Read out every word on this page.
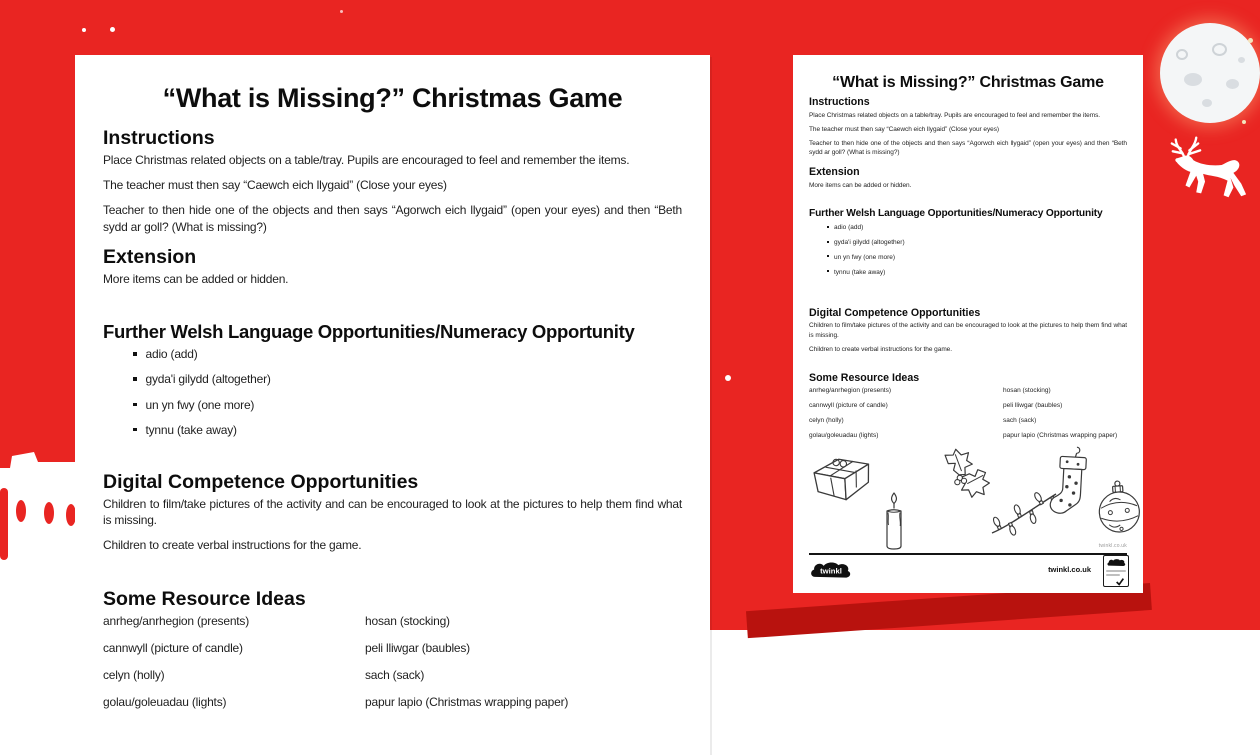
“What is Missing?” Christmas Game
Instructions

Place Christmas related objects on a table/tray. Pupils are encouraged to feel and remember the items.

The teacher must then say “Caewch eich llygaid” (Close your eyes)

Teacher to then hide one of the objects and then says “Agorwch eich llygaid” (open your eyes) and then “Beth sydd ar goll? (What is missing?)

Extension

More items can be added or hidden.

Further Welsh Language Opportunities/Numeracy Opportunity
adio (add)
gyda'i gilydd (altogether)
un yn fwy (one more)
tynnu (take away)
Digital Competence Opportunities

Children to film/take pictures of the activity and can be encouraged to look at the pictures to help them find what is missing.

Children to create verbal instructions for the game.

Some Resource Ideas
anrheg/anrhegion (presents)
cannwyll (picture of candle)
celyn (holly)
golau/goleuadau (lights)
hosan (stocking)
peli lliwgar (baubles)
sach (sack)
papur lapio (Christmas wrapping paper)
“What is Missing?” Christmas Game
Instructions

Place Christmas related objects on a table/tray. Pupils are encouraged to feel and remember the items.

The teacher must then say “Caewch eich llygaid” (Close your eyes)

Teacher to then hide one of the objects and then says “Agorwch eich llygaid” (open your eyes) and then “Beth sydd ar goll? (What is missing?)

Extension

More items can be added or hidden.

Further Welsh Language Opportunities/Numeracy Opportunity
adio (add)
gyda'i gilydd (altogether)
un yn fwy (one more)
tynnu (take away)
Digital Competence Opportunities

Children to film/take pictures of the activity and can be encouraged to look at the pictures to help them find what is missing.

Children to create verbal instructions for the game.

Some Resource Ideas
anrheg/anrhegion (presents)
cannwyll (picture of candle)
celyn (holly)
golau/goleuadau (lights)
hosan (stocking)
peli lliwgar (baubles)
sach (sack)
papur lapio (Christmas wrapping paper)
twinkl.co.uk
twinkl	twinkl.co.uk
